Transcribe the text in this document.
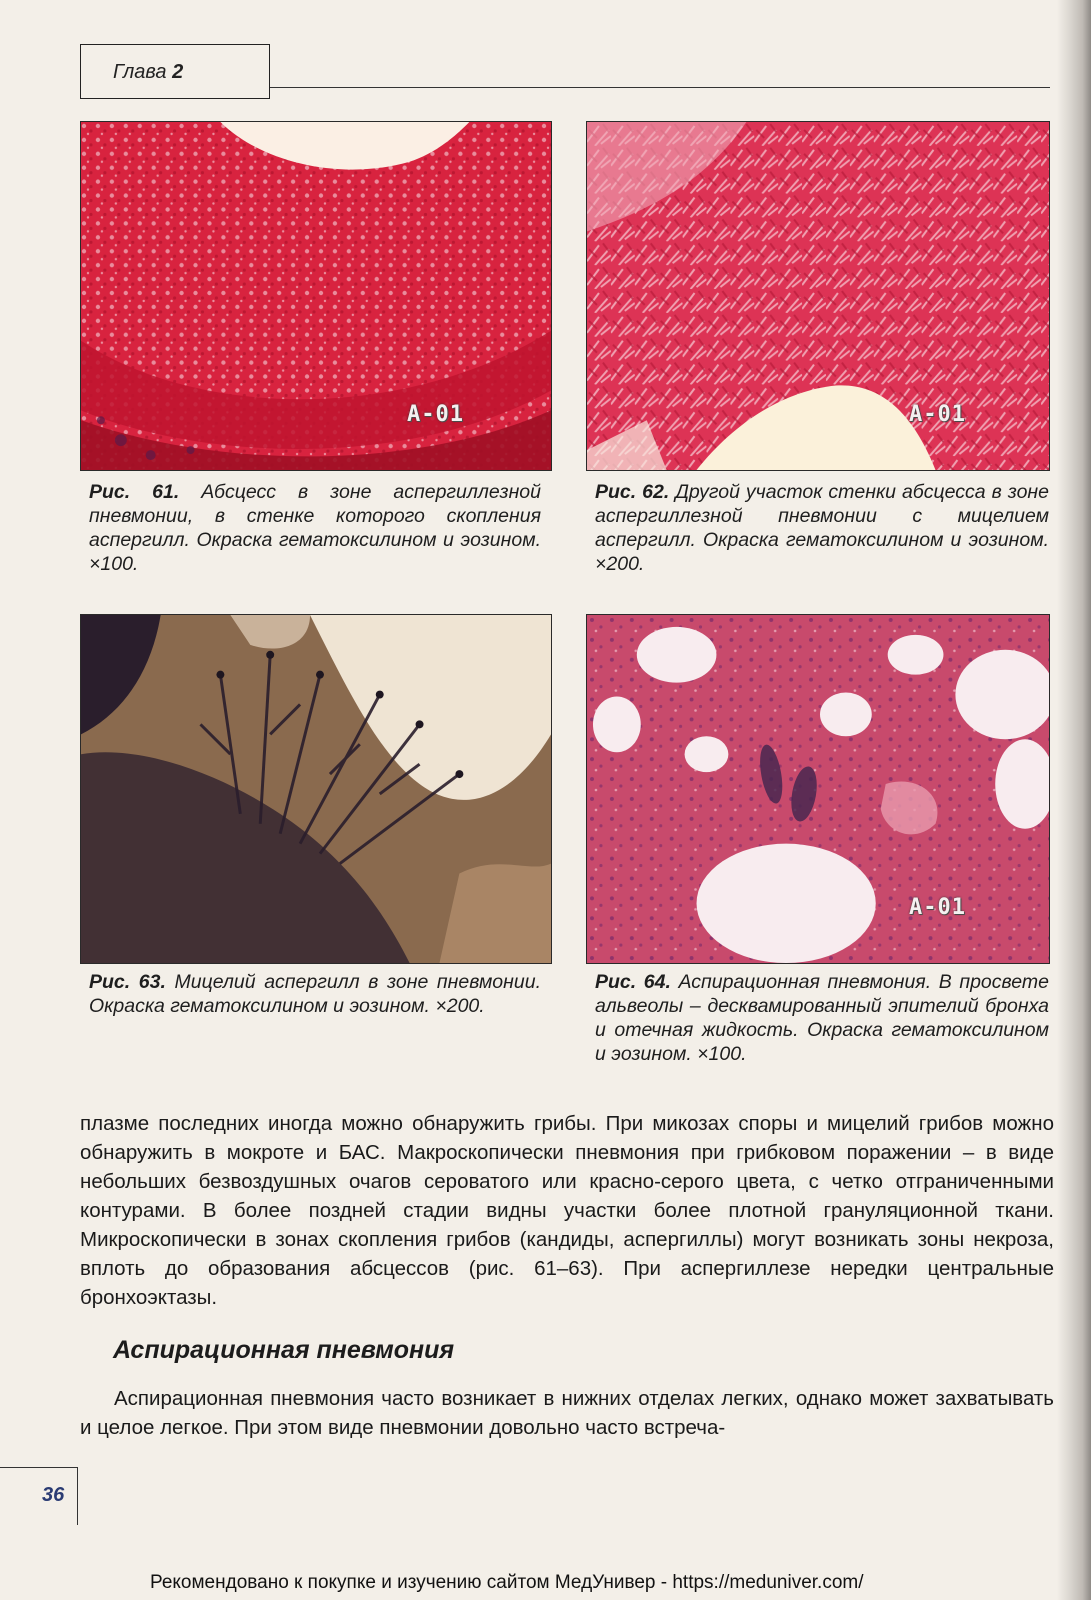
Глава 2
A-01
Рис. 61. Абсцесс в зоне аспергиллезной пневмонии, в стенке которого скопления аспергилл. Окраска гематоксилином и эозином. ×100.
A-01
Рис. 62. Другой участок стенки абсцесса в зоне аспергиллезной пневмонии с мицелием аспергилл. Окраска гематоксилином и эозином. ×200.
Рис. 63. Мицелий аспергилл в зоне пневмонии. Окраска гематоксилином и эозином. ×200.
A-01
Рис. 64. Аспирационная пневмония. В просвете альвеолы – десквамированный эпителий бронха и отечная жидкость. Окраска гематоксилином и эозином. ×100.
плазме последних иногда можно обнаружить грибы. При микозах споры и мицелий грибов можно обнаружить в мокроте и БАС. Макроскопически пневмония при грибковом поражении – в виде небольших безвоздушных очагов сероватого или красно-серого цвета, с четко отграниченными контурами. В более поздней стадии видны участки более плотной грануляционной ткани. Микроскопически в зонах скопления грибов (кандиды, аспергиллы) могут возникать зоны некроза, вплоть до образования абсцессов (рис. 61–63). При аспергиллезе нередки центральные бронхоэктазы.
Аспирационная пневмония
Аспирационная пневмония часто возникает в нижних отделах легких, однако может захватывать и целое легкое. При этом виде пневмонии довольно часто встреча-
36
Рекомендовано к покупке и изучению сайтом МедУнивер - https://meduniver.com/
